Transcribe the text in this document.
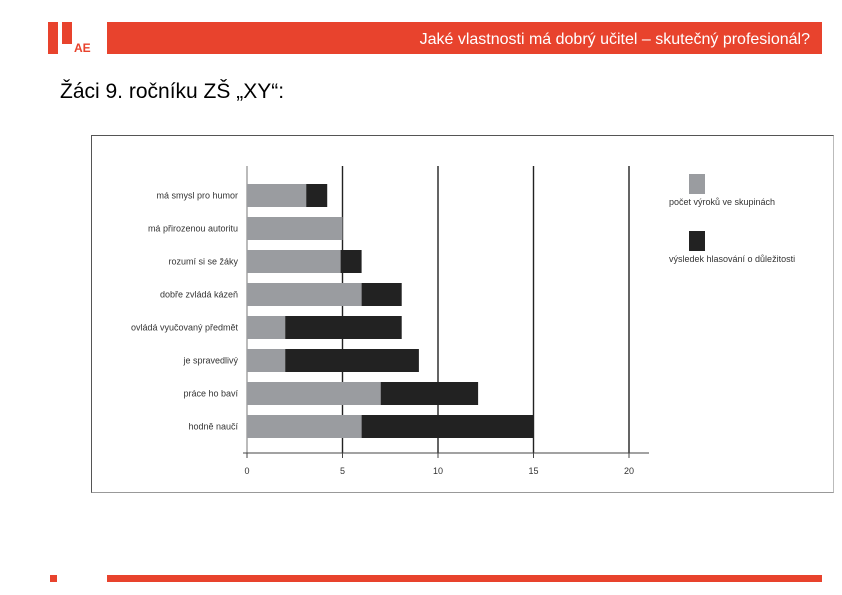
AE	Jaké vlastnosti má dobrý učitel – skutečný profesionál?
Žáci 9. ročníku ZŠ „XY“:
0	5	10	15	20
má smysl pro humor
má přirozenou autoritu
rozumí si se žáky
dobře zvládá kázeň
ovládá vyučovaný předmět
je spravedlivý
práce ho baví
hodně naučí
počet výroků ve skupinách
výsledek hlasování o důležitosti
